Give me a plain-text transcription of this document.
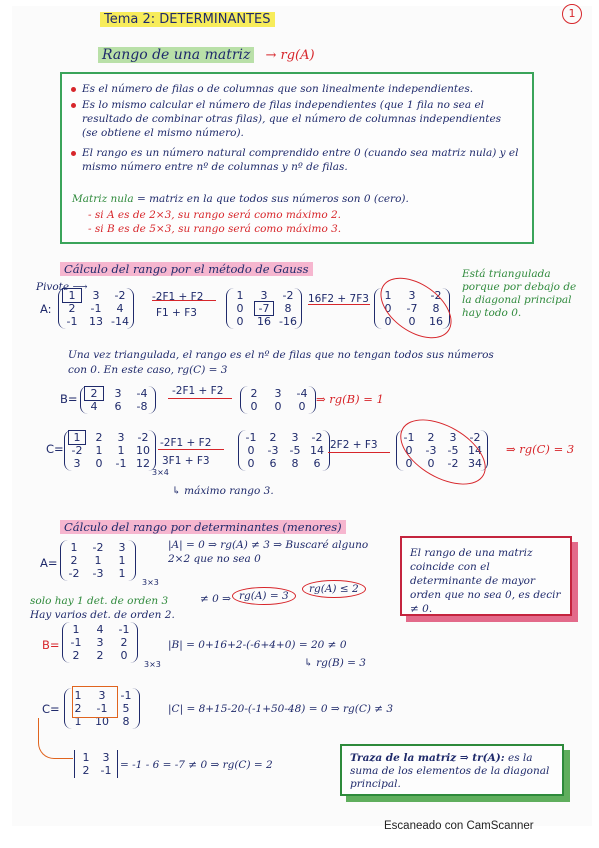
1
Tema 2: DETERMINANTES
Rango de una matriz → rg(A)
Es el número de filas o de columnas que son linealmente independientes.
Es lo mismo calcular el número de filas independientes (que 1 fila no sea el resultado de combinar otras filas), que el número de columnas independientes (se obtiene el mismo número).
El rango es un número natural comprendido entre 0 (cuando sea matriz nula) y el mismo número entre nº de columnas y nº de filas.
Matriz nula = matriz en la que todos sus números son 0 (cero).
- si A es de 2×3, su rango será como máximo 2.
- si B es de 5×3, su rango será como máximo 3.
Cálculo del rango por el método de Gauss
Pivote ⟶
A:
1	3	-2
2	-1	4
-1	13 -14
-2F1 + F2
F1 + F3
1	3	-2
0	-7	8
0	16 -16
16F2 + 7F3	1	3	-2
0	-7	8
0	0	16
Está triangulada porque por debajo de la diagonal principal hay todo 0.
Una vez triangulada, el rango es el nº de filas que no tengan todos sus números con 0. En este caso, rg(C) = 3
B=	2	3	-4
4	6	-8
-2F1 + F2	2	3	-4
0	0	0
⇒ rg(B) = 1
C=
1	2	3	-2
-2	1	1	10
3	0	-1 12
3×4
-2F1 + F2
3F1 + F3
-1	2	3	-2
0	-3 -5 14
0	6	8	6
2F2 + F3
-1	2	3	-2
0	-3 -5 14
0	0	-2 34
⇒ rg(C) = 3
↳ máximo rango 3.
Cálculo del rango por determinantes (menores)
A=
1	-2	3
2	1	1
-2	-3	1
3×3
|A| = 0 ⇒ rg(A) ≠ 3 ⇒ Buscaré alguno 2×2 que no sea 0
≠ 0 ⇒ rg(A) = 3
rg(A) ≤ 2
solo hay 1 det. de orden 3
Hay varios det. de orden 2.
El rango de una matriz coincide con el determinante de mayor orden que no sea 0, es decir ≠ 0.
B=
1	4	-1
-1	3	2
2	2	0
3×3
|B| = 0+16+2-(-6+4+0) = 20 ≠ 0
↳ rg(B) = 3
C=
1	3	-1
2	-1	5
1	10	8
|C| = 8+15-20-(-1+50-48) = 0 ⇒ rg(C) ≠ 3
1	3
2	-1 = -1 - 6 = -7 ≠ 0 ⇒ rg(C) = 2
Traza de la matriz ⇒ tr(A): es la suma de los elementos de la diagonal principal.
Escaneado con CamScanner
